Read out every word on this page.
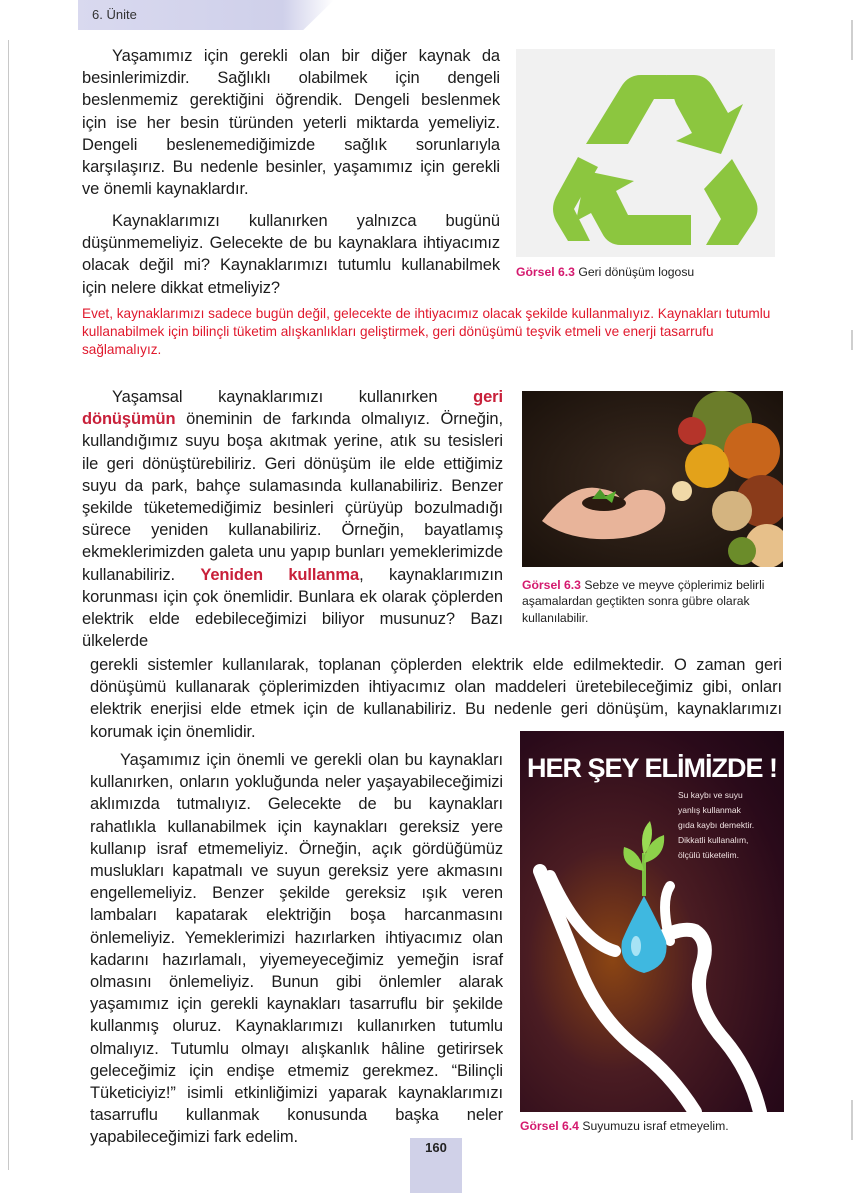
6. Ünite

Yaşamımız için gerekli olan bir diğer kaynak da besinlerimizdir. Sağlıklı olabilmek için dengeli beslenmemiz gerektiğini öğrendik. Dengeli beslenmek için ise her besin türünden yeterli miktarda yemeliyiz. Dengeli beslenemediğimizde sağlık sorunlarıyla karşılaşırız. Bu nedenle besinler, yaşamımız için gerekli ve önemli kaynaklardır.

Kaynaklarımızı kullanırken yalnızca bugünü düşünmemeliyiz. Gelecekte de bu kaynaklara ihtiyacımız olacak değil mi? Kaynaklarımızı tutumlu kullanabilmek için nelere dikkat etmeliyiz?

Görsel 6.3 Geri dönüşüm logosu

Evet, kaynaklarımızı sadece bugün değil, gelecekte de ihtiyacımız olacak şekilde kullanmalıyız. Kaynakları tutumlu kullanabilmek için bilinçli tüketim alışkanlıkları geliştirmek, geri dönüşümü teşvik etmeli ve enerji tasarrufu sağlamalıyız.

Yaşamsal kaynaklarımızı kullanırken geri dönüşümün öneminin de farkında olmalıyız. Örneğin, kullandığımız suyu boşa akıtmak yerine, atık su tesisleri ile geri dönüştürebiliriz. Geri dönüşüm ile elde ettiğimiz suyu da park, bahçe sulamasında kullanabiliriz. Benzer şekilde tüketemediğimiz besinleri çürüyüp bozulmadığı sürece yeniden kullanabiliriz. Örneğin, bayatlamış ekmeklerimizden galeta unu yapıp bunları yemeklerimizde kullanabiliriz. Yeniden kullanma, kaynaklarımızın korunması için çok önemlidir. Bunlara ek olarak çöplerden elektrik elde edebileceğimizi biliyor musunuz? Bazı ülkelerde

gerekli sistemler kullanılarak, toplanan çöplerden elektrik elde edilmektedir. O zaman geri dönüşümü kullanarak çöplerimizden ihtiyacımız olan maddeleri üretebileceğimiz gibi, onları elektrik enerjisi elde etmek için de kullanabiliriz. Bu nedenle geri dönüşüm, kaynaklarımızı korumak için önemlidir.

Görsel 6.3 Sebze ve meyve çöplerimiz belirli aşamalardan geçtikten sonra gübre olarak kullanılabilir.

Yaşamımız için önemli ve gerekli olan bu kaynakları kullanırken, onların yokluğunda neler yaşayabileceğimizi aklımızda tutmalıyız. Gelecekte de bu kaynakları rahatlıkla kullanabilmek için kaynakları gereksiz yere kullanıp israf etmemeliyiz. Örneğin, açık gördüğümüz muslukları kapatmalı ve suyun gereksiz yere akmasını engellemeliyiz. Benzer şekilde gereksiz ışık veren lambaları kapatarak elektriğin boşa harcanmasını önlemeliyiz. Yemeklerimizi hazırlarken ihtiyacımız olan kadarını hazırlamalı, yiyemeyeceğimiz yemeğin israf olmasını önlemeliyiz. Bunun gibi önlemler alarak yaşamımız için gerekli kaynakları tasarruflu bir şekilde kullanmış oluruz. Kaynaklarımızı kullanırken tutumlu olmalıyız. Tutumlu olmayı alışkanlık hâline getirirsek geleceğimiz için endişe etmemiz gerekmez. “Bilinçli Tüketiciyiz!” isimli etkinliğimizi yaparak kaynaklarımızı tasarruflu kullanmak konusunda başka neler yapabileceğimizi fark edelim.

HER ŞEY ELİMİZDE !
Su kaybı ve suyu
yanlış kullanmak
gıda kaybı demektir.
Dikkatli kullanalım,
ölçülü tüketelim.
Görsel 6.4 Suyumuzu israf etmeyelim.
160
